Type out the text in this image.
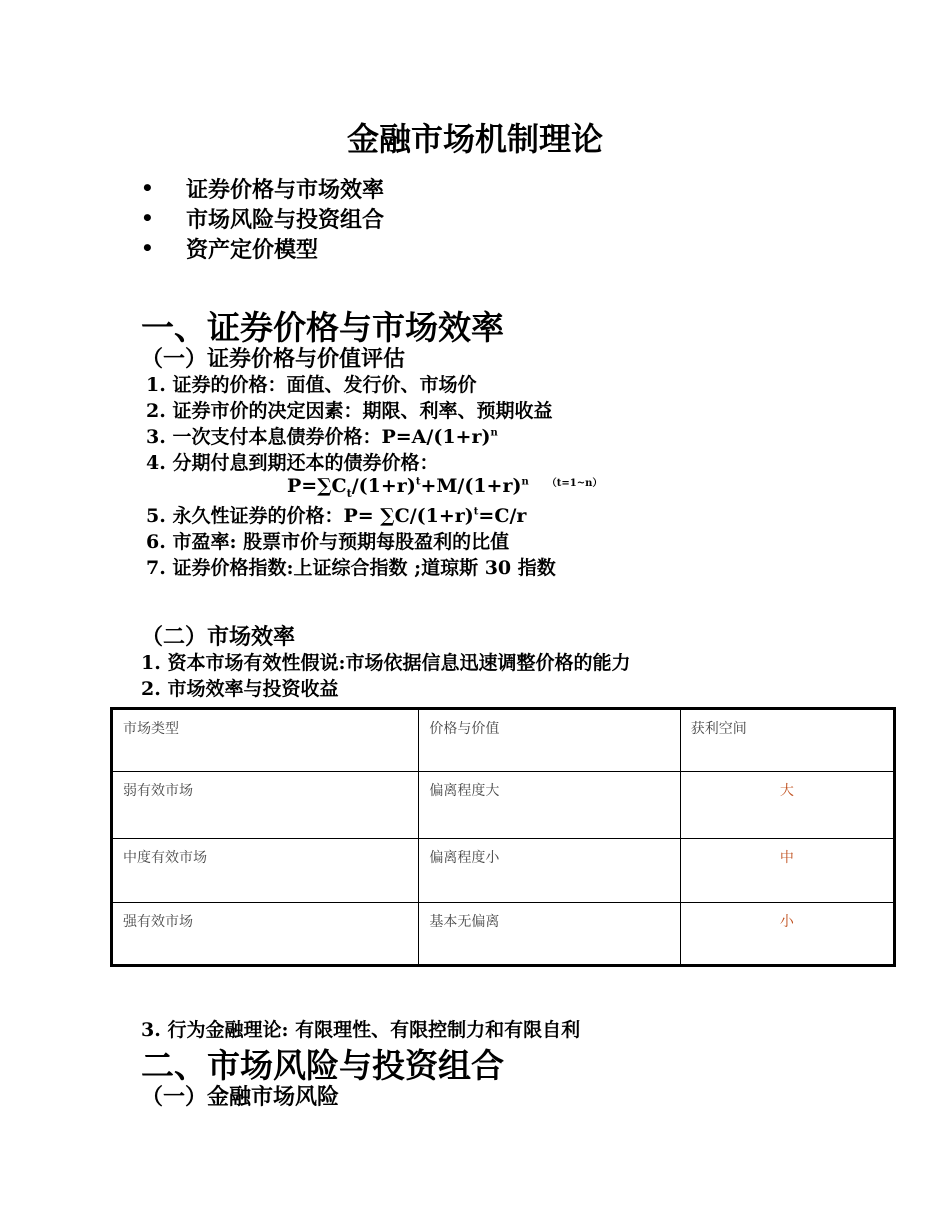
金融市场机制理论
• 证券价格与市场效率
• 市场风险与投资组合
• 资产定价模型
一、证券价格与市场效率
（一）证券价格与价值评估
1. 证券的价格：面值、发行价、市场价
2. 证券市价的决定因素：期限、利率、预期收益
3. 一次支付本息债券价格：$P=A/(1+r)^n$
4. 分期付息到期还本的债券价格：
$P=\sum C_t/(1+r)^t+M/(1+r)^n$ $^{(t=1\sim n)}$
5. 永久性证券的价格：$P= \sum C/(1+r)^t=C/r$
6. 市盈率: 股票市价与预期每股盈利的比值
7. 证券价格指数:上证综合指数 ;道琼斯 30 指数
（二）市场效率
1. 资本市场有效性假说:市场依据信息迅速调整价格的能力
2. 市场效率与投资收益
市场类型	价格与价值	获利空间
弱有效市场	偏离程度大	大
中度有效市场	偏离程度小	中
强有效市场	基本无偏离	小
3. 行为金融理论: 有限理性、有限控制力和有限自利
二、市场风险与投资组合
（一）金融市场风险
